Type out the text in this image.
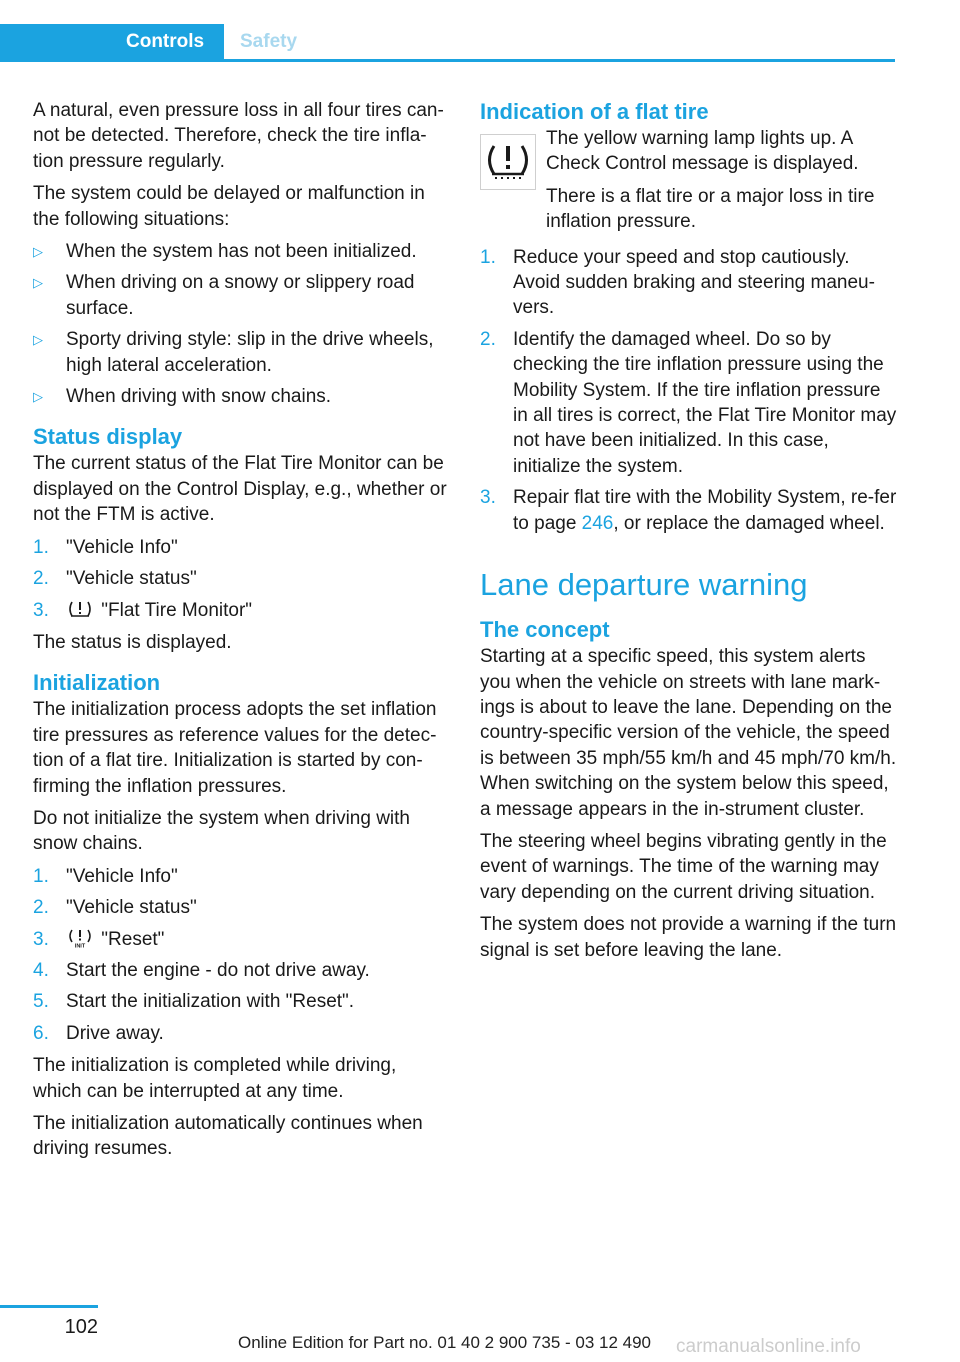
Controls	Safety

A natural, even pressure loss in all four tires can‐not be detected. Therefore, check the tire infla‐tion pressure regularly.

The system could be delayed or malfunction in the following situations:

▷ When the system has not been initialized.
▷ When driving on a snowy or slippery road surface.
▷ Sporty driving style: slip in the drive wheels, high lateral acceleration.
▷ When driving with snow chains.
Status display

The current status of the Flat Tire Monitor can be displayed on the Control Display, e.g., whether or not the FTM is active.

1. "Vehicle Info"
2. "Vehicle status"
3.	"Flat Tire Monitor"

The status is displayed.

Initialization

The initialization process adopts the set inflation tire pressures as reference values for the detec‐tion of a flat tire. Initialization is started by con‐firming the inflation pressures.

Do not initialize the system when driving with snow chains.

1. "Vehicle Info"
2. "Vehicle status"
3.	INIT "Reset"
4. Start the engine - do not drive away.
5. Start the initialization with "Reset".
6. Drive away.

The initialization is completed while driving, which can be interrupted at any time.

The initialization automatically continues when driving resumes.

Indication of a flat tire

The yellow warning lamp lights up. A Check Control message is displayed.

There is a flat tire or a major loss in tire inflation pressure.

1. Reduce your speed and stop cautiously. Avoid sudden braking and steering maneu‐vers.
2. Identify the damaged wheel. Do so by checking the tire inflation pressure using the Mobility System. If the tire inflation pressure in all tires is correct, the Flat Tire Monitor may not have been initialized. In this case, initialize the system.
3. Repair flat tire with the Mobility System, re‐fer to page 246, or replace the damaged wheel.
Lane departure warning
The concept

Starting at a specific speed, this system alerts you when the vehicle on streets with lane mark‐ings is about to leave the lane. Depending on the country-specific version of the vehicle, the speed is between 35 mph/55 km/h and 45 mph/70 km/h. When switching on the system below this speed, a message appears in the in‐strument cluster.

The steering wheel begins vibrating gently in the event of warnings. The time of the warning may vary depending on the current driving situation.

The system does not provide a warning if the turn signal is set before leaving the lane.

102
Online Edition for Part no. 01 40 2 900 735 - 03 12 490 carmanualsonline.info
